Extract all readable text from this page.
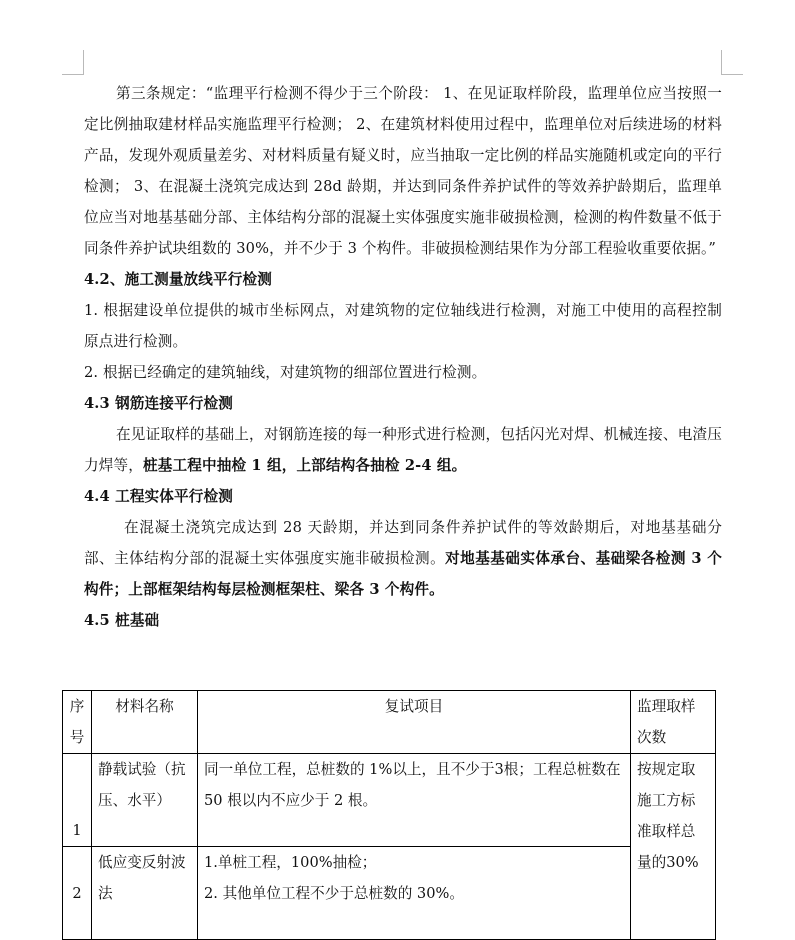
第三条规定：“监理平行检测不得少于三个阶段： 1、在见证取样阶段，监理单位应当按照一定比例抽取建材样品实施监理平行检测； 2、在建筑材料使用过程中，监理单位对后续进场的材料产品，发现外观质量差劣、对材料质量有疑义时，应当抽取一定比例的样品实施随机或定向的平行检测； 3、在混凝土浇筑完成达到 28d 龄期，并达到同条件养护试件的等效养护龄期后，监理单位应当对地基基础分部、主体结构分部的混凝土实体强度实施非破损检测，检测的构件数量不低于同条件养护试块组数的 30%，并不少于 3 个构件。非破损检测结果作为分部工程验收重要依据。”

4.2、施工测量放线平行检测

1. 根据建设单位提供的城市坐标网点，对建筑物的定位轴线进行检测，对施工中使用的高程控制原点进行检测。

2. 根据已经确定的建筑轴线，对建筑物的细部位置进行检测。

4.3 钢筋连接平行检测

在见证取样的基础上，对钢筋连接的每一种形式进行检测，包括闪光对焊、机械连接、电渣压力焊等，桩基工程中抽检 1 组，上部结构各抽检 2-4 组。

4.4 工程实体平行检测

在混凝土浇筑完成达到 28 天龄期，并达到同条件养护试件的等效龄期后，对地基基础分部、主体结构分部的混凝土实体强度实施非破损检测。对地基基础实体承台、基础梁各检测 3 个构件；上部框架结构每层检测框架柱、梁各 3 个构件。

4.5 桩基础

序号	材料名称	复试项目	监理取样次数
1	静载试验（抗压、水平）	同一单位工程，总桩数的 1%以上，且不少于3根；工程总桩数在 50 根以内不应少于 2 根。	按规定取施工方标准取样总量的30%
2	低应变反射波法	1.单桩工程，100%抽检；
2. 其他单位工程不少于总桩数的 30%。	
